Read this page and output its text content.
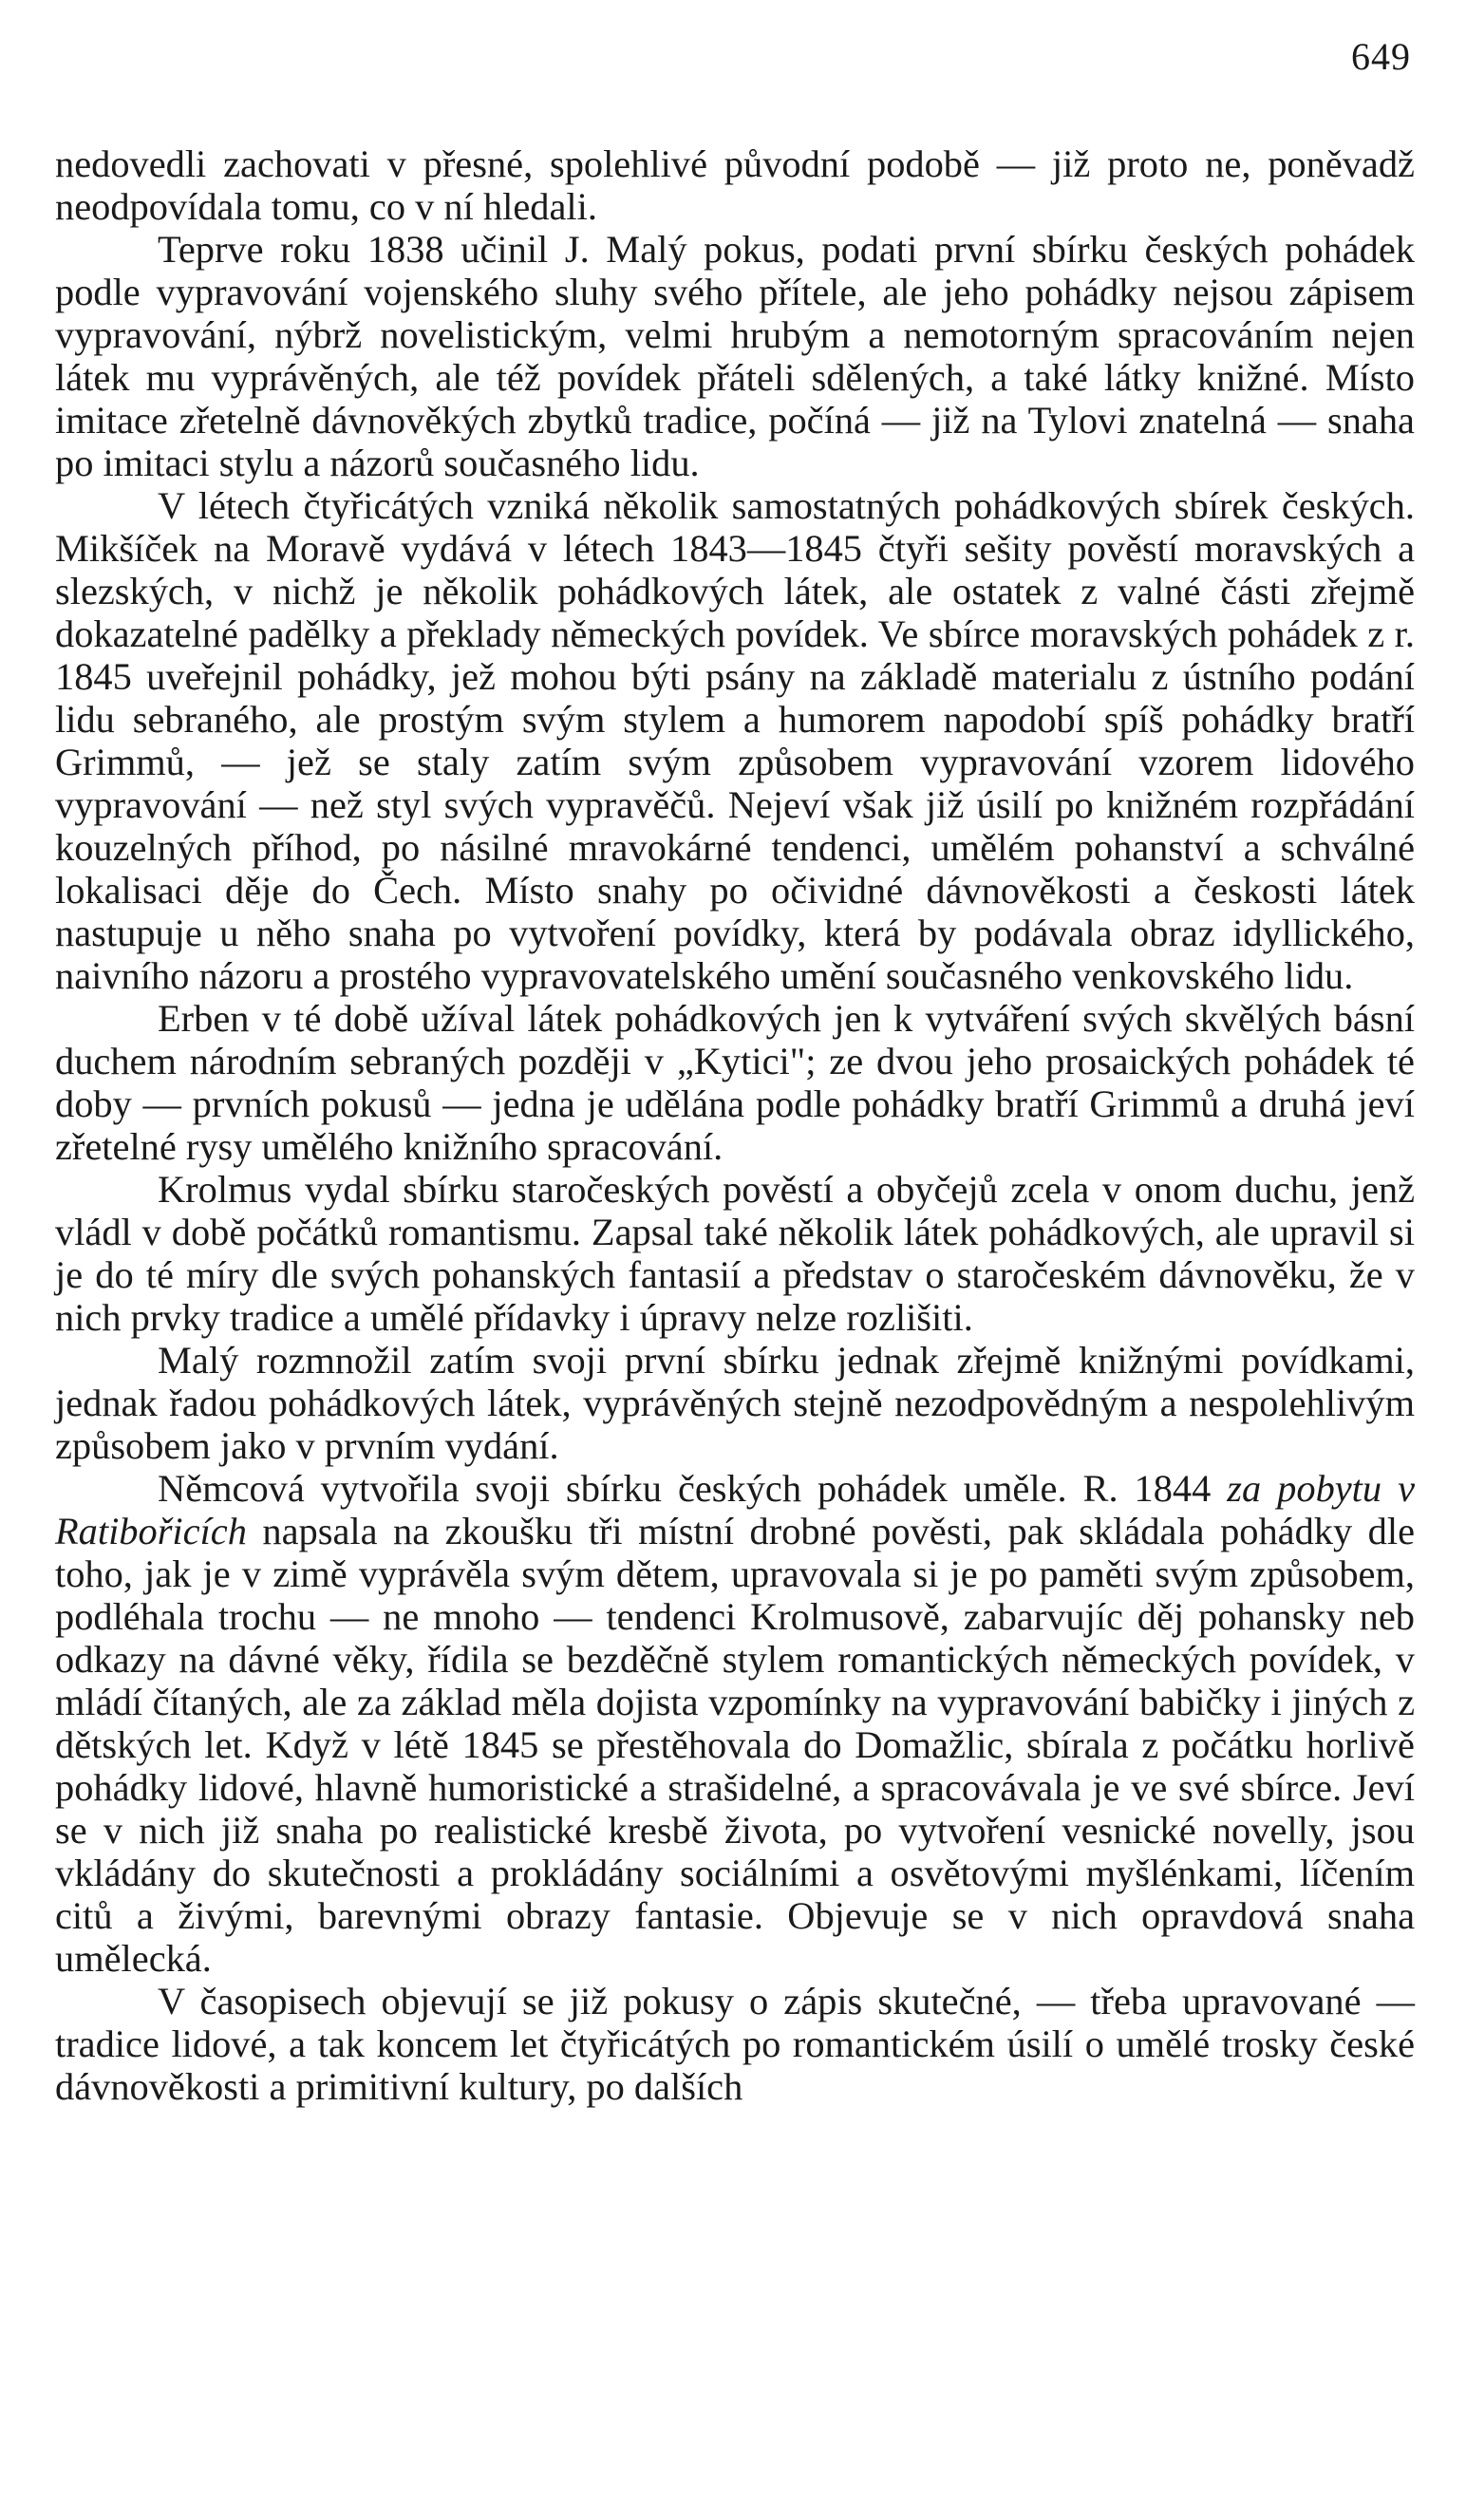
649

nedovedli zachovati v přesné, spolehlivé původní podobě — již proto ne, poněvadž neodpovídala tomu, co v ní hledali.

Teprve roku 1838 učinil J. Malý pokus, podati první sbírku českých pohádek podle vypravování vojenského sluhy svého přítele, ale jeho pohádky nejsou zápisem vypravování, nýbrž novelistickým, velmi hrubým a nemotorným spracováním nejen látek mu vyprávěných, ale též povídek přáteli sdělených, a také látky knižné. Místo imitace zřetelně dávnověkých zbytků tradice, počíná — již na Tylovi znatelná — snaha po imitaci stylu a názorů současného lidu.

V létech čtyřicátých vzniká několik samostatných pohádkových sbírek českých. Mikšíček na Moravě vydává v létech 1843—1845 čtyři sešity pověstí moravských a slezských, v nichž je několik pohádkových látek, ale ostatek z valné části zřejmě dokazatelné padělky a překlady německých povídek. Ve sbírce moravských pohádek z r. 1845 uveřejnil pohádky, jež mohou býti psány na základě materialu z ústního podání lidu sebraného, ale prostým svým stylem a humorem napodobí spíš pohádky bratří Grimmů, — jež se staly zatím svým způsobem vypravování vzorem lidového vypravování — než styl svých vypravěčů. Nejeví však již úsilí po knižném rozpřádání kouzelných příhod, po násilné mravokárné tendenci, umělém pohanství a schválné lokalisaci děje do Čech. Místo snahy po očividné dávnověkosti a českosti látek nastupuje u něho snaha po vytvoření povídky, která by podávala obraz idyllického, naivního názoru a prostého vypravovatelského umění současného venkovského lidu.

Erben v té době užíval látek pohádkových jen k vytváření svých skvělých básní duchem národním sebraných později v „Kytici"; ze dvou jeho prosaických pohádek té doby — prvních pokusů — jedna je udělána podle pohádky bratří Grimmů a druhá jeví zřetelné rysy umělého knižního spracování.

Krolmus vydal sbírku staročeských pověstí a obyčejů zcela v onom duchu, jenž vládl v době počátků romantismu. Zapsal také několik látek pohádkových, ale upravil si je do té míry dle svých pohanských fantasií a představ o staročeském dávnověku, že v nich prvky tradice a umělé přídavky i úpravy nelze rozlišiti.

Malý rozmnožil zatím svoji první sbírku jednak zřejmě knižnými povídkami, jednak řadou pohádkových látek, vyprávěných stejně nezodpovědným a nespolehlivým způsobem jako v prvním vydání.

Němcová vytvořila svoji sbírku českých pohádek uměle. R. 1844 za pobytu v Ratibořicích napsala na zkoušku tři místní drobné pověsti, pak skládala pohádky dle toho, jak je v zimě vyprávěla svým dětem, upravovala si je po paměti svým způsobem, podléhala trochu — ne mnoho — tendenci Krolmusově, zabarvujíc děj pohansky neb odkazy na dávné věky, řídila se bezděčně stylem romantických německých povídek, v mládí čítaných, ale za základ měla dojista vzpomínky na vypravování babičky i jiných z dětských let. Když v létě 1845 se přestěhovala do Domažlic, sbírala z počátku horlivě pohádky lidové, hlavně humoristické a strašidelné, a spracovávala je ve své sbírce. Jeví se v nich již snaha po realistické kresbě života, po vytvoření vesnické novelly, jsou vkládány do skutečnosti a prokládány sociálními a osvětovými myšlénkami, líčením citů a živými, barevnými obrazy fantasie. Objevuje se v nich opravdová snaha umělecká.

V časopisech objevují se již pokusy o zápis skutečné, — třeba upravované — tradice lidové, a tak koncem let čtyřicátých po romantickém úsilí o umělé trosky české dávnověkosti a primitivní kultury, po dalších
